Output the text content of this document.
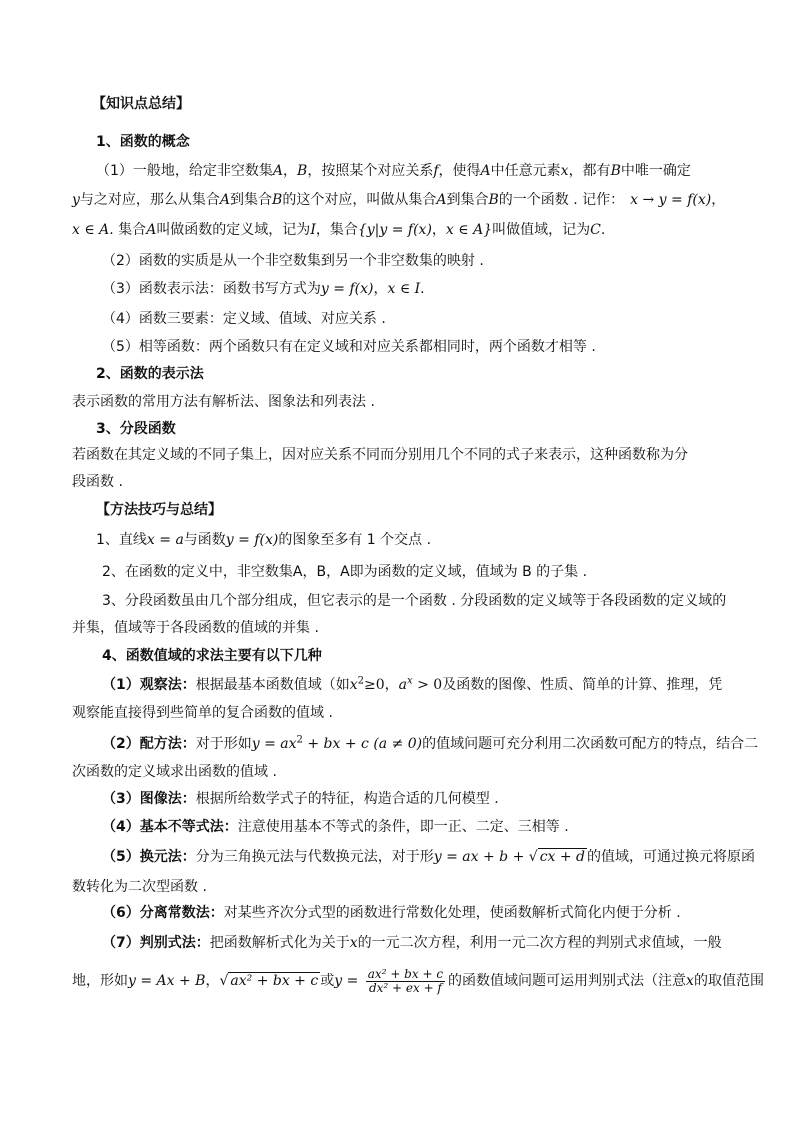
【知识点总结】
1、函数的概念
（1）一般地，给定非空数集A，B，按照某个对应关系f，使得A中任意元素x，都有B中唯一确定
y与之对应，那么从集合A到集合B的这个对应，叫做从集合A到集合B的一个函数 . 记作： x → y = f(x)，
x ∈ A. 集合A叫做函数的定义域，记为I，集合{y|y = f(x)，x ∈ A}叫做值域，记为C.
（2）函数的实质是从一个非空数集到另一个非空数集的映射 .
（3）函数表示法：函数书写方式为y = f(x)，x ∈ I.
（4）函数三要素：定义域、值域、对应关系 .
（5）相等函数：两个函数只有在定义域和对应关系都相同时，两个函数才相等 .
2、函数的表示法
表示函数的常用方法有解析法、图象法和列表法 .
3、分段函数
若函数在其定义域的不同子集上，因对应关系不同而分别用几个不同的式子来表示，这种函数称为分
段函数 .
【方法技巧与总结】
1、直线x = a与函数y = f(x)的图象至多有 1 个交点 .
2、在函数的定义中，非空数集A，B，A即为函数的定义域，值域为 B 的子集 .
3、分段函数虽由几个部分组成，但它表示的是一个函数 . 分段函数的定义域等于各段函数的定义域的
并集，值域等于各段函数的值域的并集 .
4、函数值域的求法主要有以下几种
（1）观察法：根据最基本函数值域（如$x^2\ge 0$，$a^x > 0$及函数的图像、性质、简单的计算、推理，凭
观察能直接得到些简单的复合函数的值域 .
（2）配方法：对于形如$y = ax^2$ + bx + c (a ≠ 0)的值域问题可充分利用二次函数可配方的特点，结合二
次函数的定义域求出函数的值域 .
（3）图像法：根据所给数学式子的特征，构造合适的几何模型 .
（4）基本不等式法：注意使用基本不等式的条件，即一正、二定、三相等 .
（5）换元法：分为三角换元法与代数换元法，对于形y = ax + b + √ cx + d 的值域，可通过换元将原函
数转化为二次型函数 .
（6）分离常数法：对某些齐次分式型的函数进行常数化处理，使函数解析式简化内便于分析 .
（7）判别式法：把函数解析式化为关于x的一元二次方程，利用一元二次方程的判别式求值域，一般
地，形如y = Ax + B，√ ax² + bx + c 或$y = \frac{\text{ax² + bx + c}}{\text{dx² + ex + f}}$ 的函数值域问题可运用判别式法（注意x的取值范围
